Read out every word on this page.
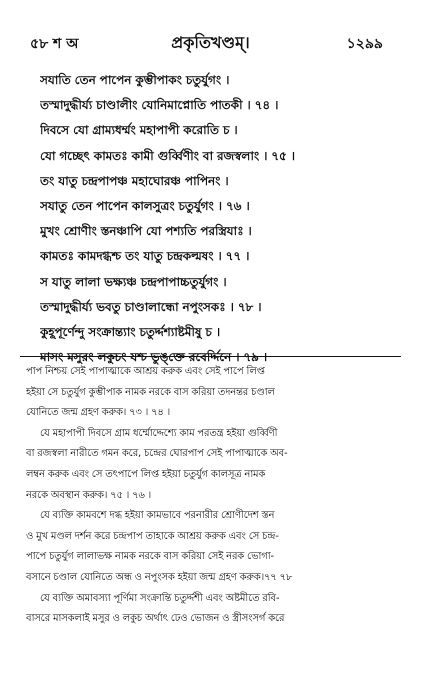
৫৮ শ অ	প্রকৃতিখণ্ডম্‌।	১২৯৯
সযাতি তেন পাপেন কুম্ভীপাকং চতুর্যুগং ।
তস্মাদুদ্ধীর্য্য চাণ্ডালীং যোনিমাপ্নোতি পাতকী । ৭৪ ।
দিবসে যো গ্রাম্যধর্ম্মং মহাপাপী করোতি চ ।
যো গচ্ছেৎ কামতঃ কামী গুর্ব্বিণীং বা রজস্বলাং । ৭৫ ।
তং যাতু চন্দ্রপাপঞ্চ মহাঘোরঞ্চ পাপিনং ।
সযাতু তেন পাপেন কালসুত্রং চতুর্যুগং । ৭৬ ।
মুখং শ্রোণীং স্তনঞ্চাপি যো পশ্যতি পরস্ত্রিযাঃ ।
কামতঃ কামদগ্ধশ্চ তং যাতু চন্দ্রকল্মষং । ৭৭ ।
স যাতু লালা ভক্ষ্যঞ্চ চন্দ্রপাপাচ্চতুর্যুগং ।
তস্মাদুদ্ধীর্য্য ভবতু চাণ্ডালান্ধো নপুংসকঃ । ৭৮ ।
কুহূপূর্ণেন্দু সংক্রান্ত্যাং চতুর্দ্দশ্যাষ্টমীষু চ ।
মাসং মসুরং লকুচং যশ্চ ভুঙ্‌ক্তে রবের্দ্দিনে । ৭৯ ।
পাপ নিশ্চয় সেই পাপাত্মাকে আশ্রয় করুক এবং সেই পাপে লিপ্ত
হইয়া সে চতুর্যুগ কুম্ভীপাক নামক নরকে বাস করিয়া তদনন্তর চণ্ডাল
যোনিতে জন্ম গ্রহণ করুক। ৭৩ । ৭৪ ।
যে মহাপাপী দিবসে গ্রাম ধর্ম্মোদ্দেশ্যে কাম পরতন্ত্র হইয়া গুর্ব্বিণী
বা রজস্বলা নারীতে গমন করে, চন্দ্রের ঘোরপাপ সেই পাপাত্মাকে অব-
লম্বন করুক এবং সে তৎপাপে লিপ্ত হইয়া চতুর্যুগ কালসূত্র নামক
নরকে অবস্থান করুক। ৭৫ । ৭৬ ।
যে ব্যক্তি কামবশে দগ্ধ হইয়া কামভাবে পরনারীর শ্রোণীদেশ স্তন
ও মুখ মণ্ডল দর্শন করে চন্দ্রপাপ তাহাকে আশ্রয় করুক এবং সে চন্দ্র-
পাপে চতুর্যুগ লালাভক্ষ নামক নরকে বাস করিয়া সেই নরক ভোগা-
বসানে চণ্ডাল যোনিতে অন্ধ ও নপুংসক হইয়া জন্ম গ্রহণ করুক।৭৭ ৭৮
যে ব্যক্তি অমাবস্যা পূর্ণিমা সংক্রান্তি চতুর্দ্দশী এবং অষ্টমীতে রবি-
বাসরে মাসকলাই মসুর ও লকুচ অর্থাৎ ঢেও ভোজন ও স্ত্রীসংসর্গ করে
